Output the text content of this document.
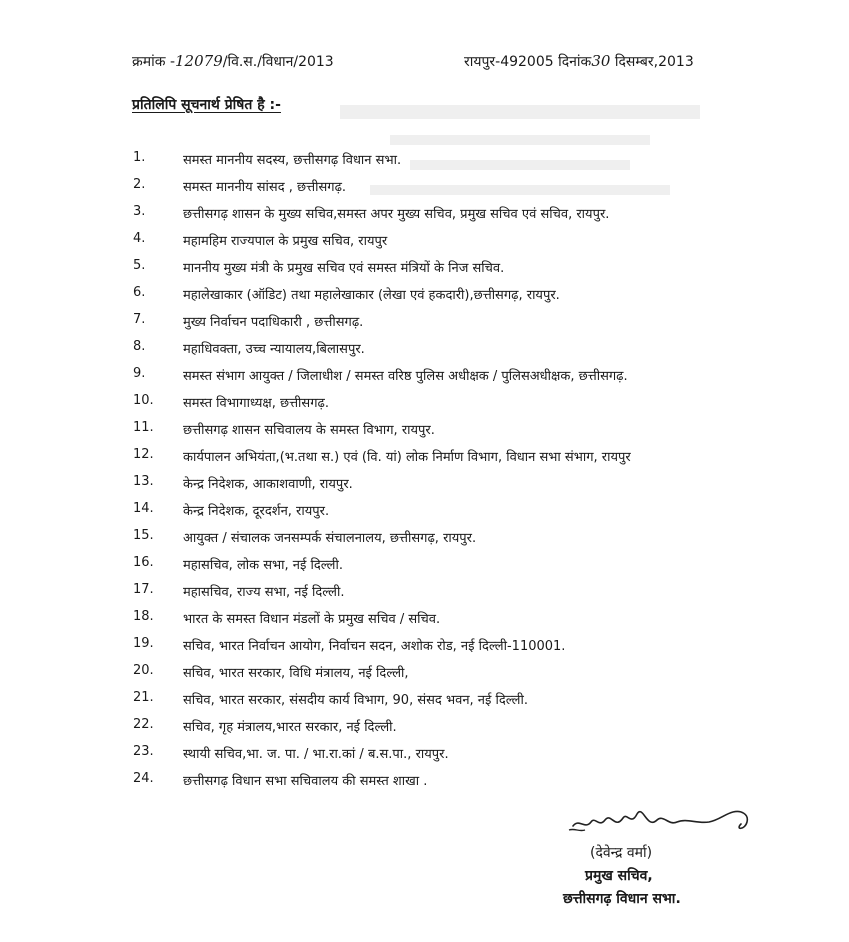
क्रमांक -12079/वि.स./विधान/2013	रायपुर-492005 दिनांक30 दिसम्बर,2013
प्रतिलिपि सूचनार्थ प्रेषित है :-
1.	समस्त माननीय सदस्य, छत्तीसगढ़ विधान सभा.
2.	समस्त माननीय सांसद , छत्तीसगढ़.
3.	छत्तीसगढ़ शासन के मुख्य सचिव,समस्त अपर मुख्य सचिव, प्रमुख सचिव एवं सचिव, रायपुर.
4.	महामहिम राज्यपाल के प्रमुख सचिव, रायपुर
5.	माननीय मुख्य मंत्री के प्रमुख सचिव एवं समस्त मंत्रियों के निज सचिव.
6.	महालेखाकार (ऑडिट) तथा महालेखाकार (लेखा एवं हकदारी),छत्तीसगढ़, रायपुर.
7.	मुख्य निर्वाचन पदाधिकारी , छत्तीसगढ़.
8.	महाधिवक्ता, उच्च न्यायालय,बिलासपुर.
9.	समस्त संभाग आयुक्त / जिलाधीश / समस्त वरिष्ठ पुलिस अधीक्षक / पुलिसअधीक्षक, छत्तीसगढ़.
10.	समस्त विभागाध्यक्ष, छत्तीसगढ़.
11.	छत्तीसगढ़ शासन सचिवालय के समस्त विभाग, रायपुर.
12.	कार्यपालन अभियंता,(भ.तथा स.) एवं (वि. यां) लोक निर्माण विभाग, विधान सभा संभाग, रायपुर
13.	केन्द्र निदेशक, आकाशवाणी, रायपुर.
14.	केन्द्र निदेशक, दूरदर्शन, रायपुर.
15.	आयुक्त / संचालक जनसम्पर्क संचालनालय, छत्तीसगढ़, रायपुर.
16.	महासचिव, लोक सभा, नई दिल्ली.
17.	महासचिव, राज्य सभा, नई दिल्ली.
18.	भारत के समस्त विधान मंडलों के प्रमुख सचिव / सचिव.
19.	सचिव, भारत निर्वाचन आयोग, निर्वाचन सदन, अशोक रोड, नई दिल्ली-110001.
20.	सचिव, भारत सरकार, विधि मंत्रालय, नई दिल्ली,
21.	सचिव, भारत सरकार, संसदीय कार्य विभाग, 90, संसद भवन, नई दिल्ली.
22.	सचिव, गृह मंत्रालय,भारत सरकार, नई दिल्ली.
23.	स्थायी सचिव,भा. ज. पा. / भा.रा.कां / ब.स.पा., रायपुर.
24.	छत्तीसगढ़ विधान सभा सचिवालय की समस्त शाखा .
(देवेन्द्र वर्मा)
प्रमुख सचिव,
छत्तीसगढ़ विधान सभा.
